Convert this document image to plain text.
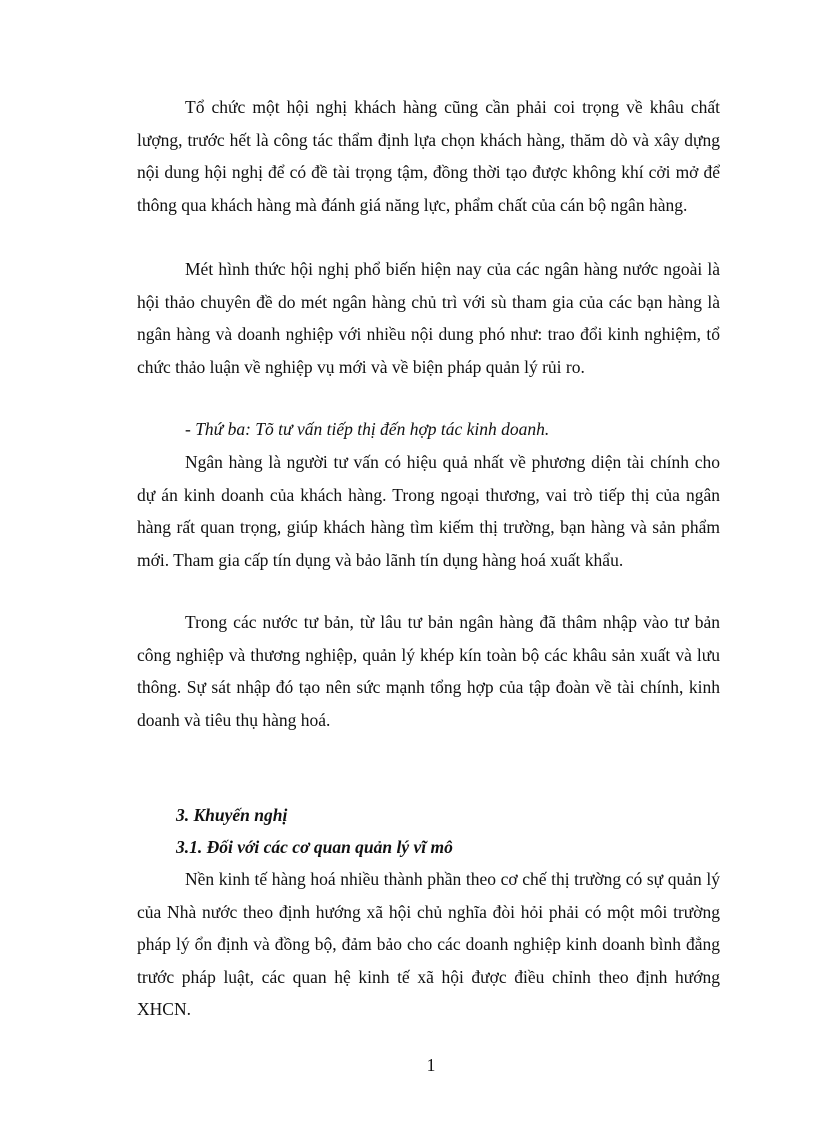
Tổ chức một hội nghị khách hàng cũng cần phải coi trọng về khâu chất lượng, trước hết là công tác thẩm định lựa chọn khách hàng, thăm dò và xây dựng nội dung hội nghị để có đề tài trọng tậm, đồng thời tạo được không khí cởi mở để thông qua khách hàng mà đánh giá năng lực, phẩm chất của cán bộ ngân hàng.

Mét hình thức hội nghị phổ biến hiện nay của các ngân hàng nước ngoài là hội thảo chuyên đề do mét ngân hàng chủ trì với sù tham gia của các bạn hàng là ngân hàng và doanh nghiệp với nhiều nội dung phó như: trao đổi kinh nghiệm, tổ chức thảo luận về nghiệp vụ mới và về biện pháp quản lý rủi ro.

- Thứ ba: Tõ tư vấn tiếp thị đến hợp tác kinh doanh.

Ngân hàng là người tư vấn có hiệu quả nhất về phương diện tài chính cho dự án kinh doanh của khách hàng. Trong ngoại thương, vai trò tiếp thị của ngân hàng rất quan trọng, giúp khách hàng tìm kiếm thị trường, bạn hàng và sản phẩm mới. Tham gia cấp tín dụng và bảo lãnh tín dụng hàng hoá xuất khẩu.

Trong các nước tư bản, từ lâu tư bản ngân hàng đã thâm nhập vào tư bản công nghiệp và thương nghiệp, quản lý khép kín toàn bộ các khâu sản xuất và lưu thông. Sự sát nhập đó tạo nên sức mạnh tổng hợp của tập đoàn về tài chính, kinh doanh và tiêu thụ hàng hoá.

3. Khuyến nghị

3.1. Đối với các cơ quan quản lý vĩ mô

Nền kinh tế hàng hoá nhiều thành phần theo cơ chế thị trường có sự quản lý của Nhà nước theo định hướng xã hội chủ nghĩa đòi hỏi phải có một môi trường pháp lý ổn định và đồng bộ, đảm bảo cho các doanh nghiệp kinh doanh bình đẳng trước pháp luật, các quan hệ kinh tế xã hội được điều chỉnh theo định hướng XHCN.

1
